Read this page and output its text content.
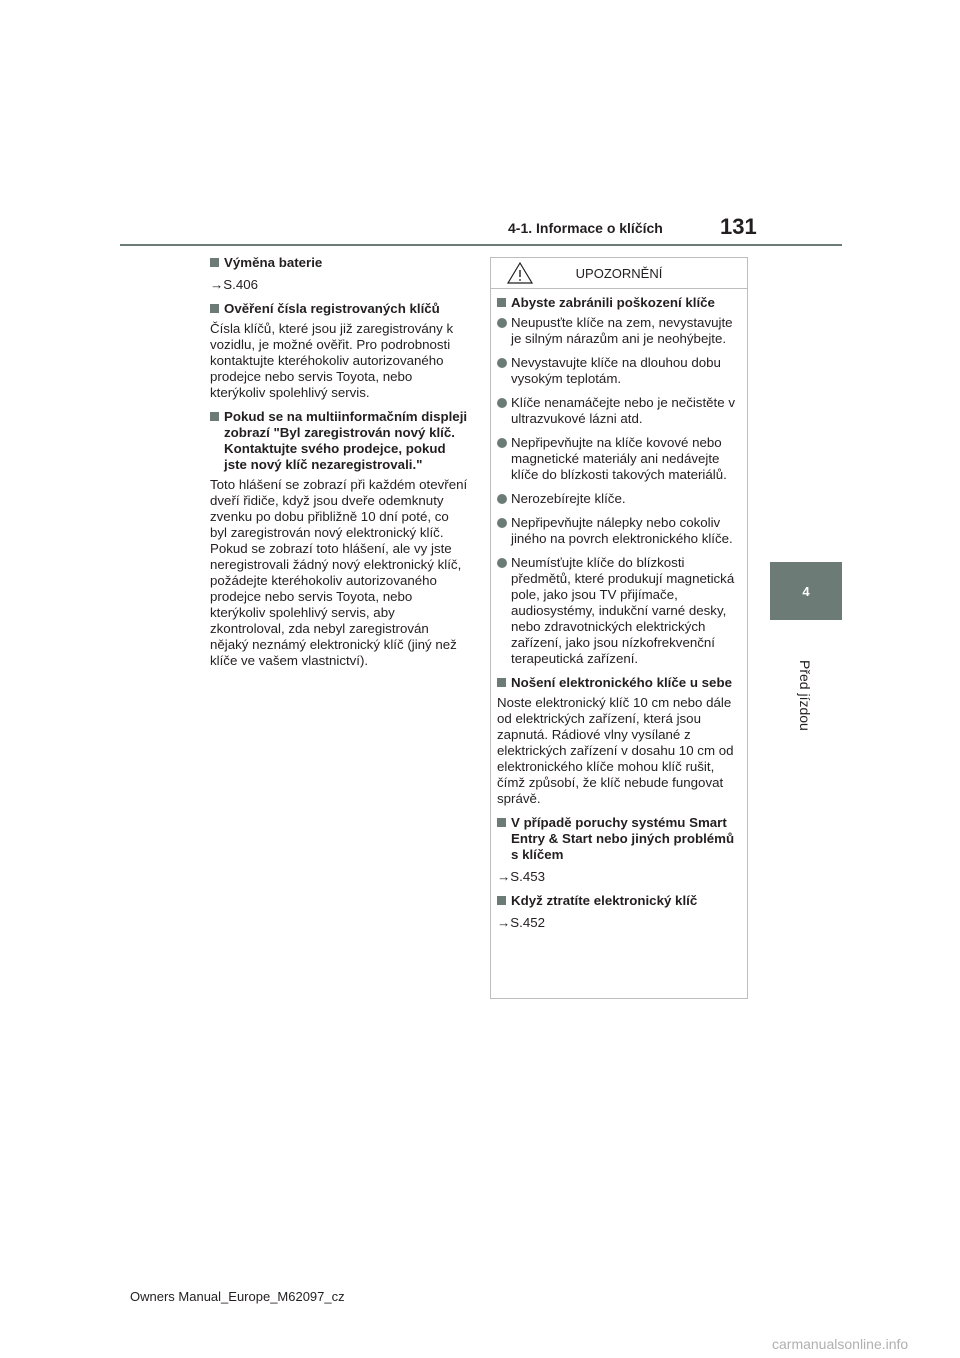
4-1. Informace o klíčích	131
4
Před jízdou
Výměna baterie
→S.406
Ověření čísla registrovaných klíčů
Čísla klíčů, které jsou již zaregistrovány k vozidlu, je možné ověřit. Pro podrobnosti kontaktujte kteréhokoliv autorizovaného prodejce nebo servis Toyota, nebo kterýkoliv spolehlivý servis.
Pokud se na multiinformačním displeji zobrazí "Byl zaregistrován nový klíč. Kontaktujte svého prodejce, pokud jste nový klíč nezaregistrovali."
Toto hlášení se zobrazí při každém otevření dveří řidiče, když jsou dveře odemknuty zvenku po dobu přibližně 10 dní poté, co byl zaregistrován nový elektronický klíč. Pokud se zobrazí toto hlášení, ale vy jste neregistrovali žádný nový elektronický klíč, požádejte kteréhokoliv autorizovaného prodejce nebo servis Toyota, nebo kterýkoliv spolehlivý servis, aby zkontroloval, zda nebyl zaregistrován nějaký neznámý elektronický klíč (jiný než klíče ve vašem vlastnictví).
UPOZORNĚNÍ
Abyste zabránili poškození klíče
Neupusťte klíče na zem, nevystavujte je silným nárazům ani je neohýbejte.
Nevystavujte klíče na dlouhou dobu vysokým teplotám.
Klíče nenamáčejte nebo je nečistěte v ultrazvukové lázni atd.
Nepřipevňujte na klíče kovové nebo magnetické materiály ani nedávejte klíče do blízkosti takových materiálů.
Nerozebírejte klíče.
Nepřipevňujte nálepky nebo cokoliv jiného na povrch elektronického klíče.
Neumísťujte klíče do blízkosti předmětů, které produkují magnetická pole, jako jsou TV přijímače, audiosystémy, indukční varné desky, nebo zdravotnických elektrických zařízení, jako jsou nízkofrekvenční terapeutická zařízení.
Nošení elektronického klíče u sebe
Noste elektronický klíč 10 cm nebo dále od elektrických zařízení, která jsou zapnutá. Rádiové vlny vysílané z elektrických zařízení v dosahu 10 cm od elektronického klíče mohou klíč rušit, čímž způsobí, že klíč nebude fungovat správě.
V případě poruchy systému Smart Entry & Start nebo jiných problémů s klíčem
→S.453
Když ztratíte elektronický klíč
→S.452
Owners Manual_Europe_M62097_cz
carmanualsonline.info
